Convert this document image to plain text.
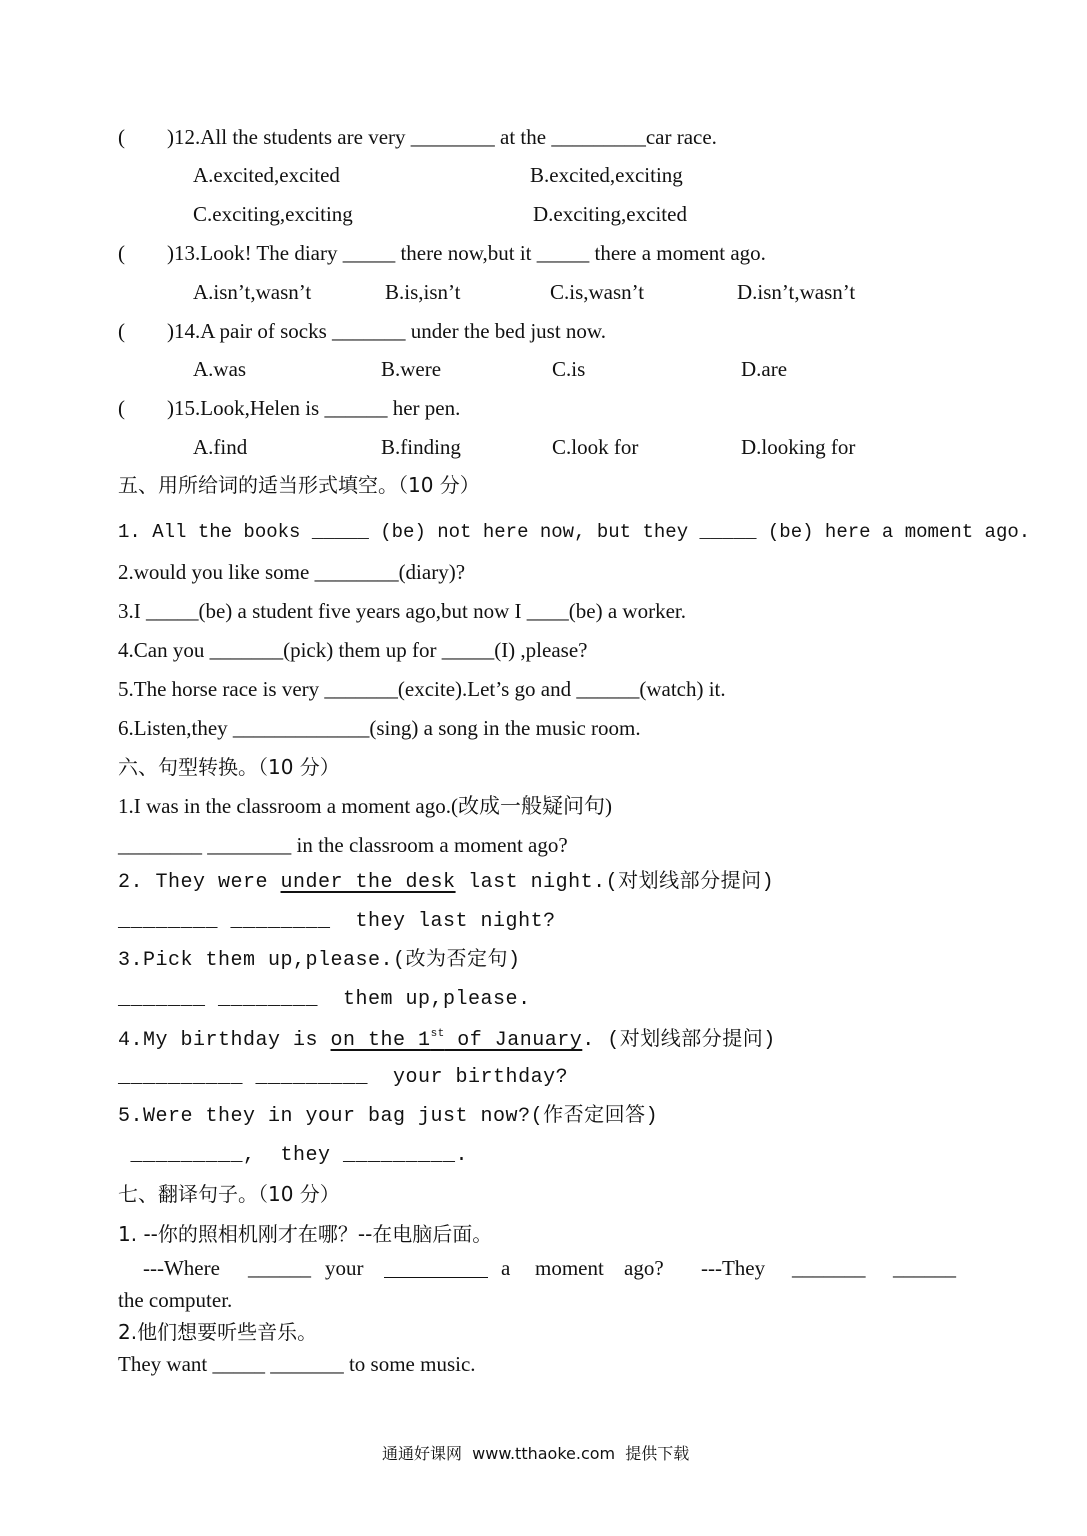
(        )12.All the students are very ________ at the _________car race.
A.excited,excited	B.excited,exciting
C.exciting,exciting	D.exciting,excited
(        )13.Look! The diary _____ there now,but it _____ there a moment ago.
A.isn’t,wasn’t	B.is,isn’t	C.is,wasn’t	D.isn’t,wasn’t
(        )14.A pair of socks _______ under the bed just now.
A.was	B.were	C.is	D.are
(        )15.Look,Helen is ______ her pen.
A.find	B.finding	C.look for	D.looking for
五、用所给词的适当形式填空。（10 分）
1. All the books _____ (be) not here now, but they _____ (be) here a moment ago.
2.would you like some ________(diary)?
3.I _____(be) a student five years ago,but now I ____(be) a worker.
4.Can you _______(pick) them up for _____(I) ,please?
5.The horse race is very _______(excite).Let’s go and ______(watch) it.
6.Listen,they _____________(sing) a song in the music room.
六、句型转换。（10 分）
1.I was in the classroom a moment ago.(改成一般疑问句)
________ ________ in the classroom a moment ago?
2. They were under the desk last night.(对划线部分提问)
________ ________  they last night?
3.Pick them up,please.(改为否定句)
_______ ________  them up,please.
4.My birthday is on the 1st of January. (对划线部分提问)
__________ _________  your birthday?
5.Were they in your bag just now?(作否定回答)
_________,  they _________.
七、翻译句子。（10 分）
1. --你的照相机刚才在哪？--在电脑后面。
---Where ______ your	a moment ago? ---They _______ ______
the computer.
2.他们想要听些音乐。
They want _____ _______ to some music.
通通好课网  www.tthaoke.com  提供下载
